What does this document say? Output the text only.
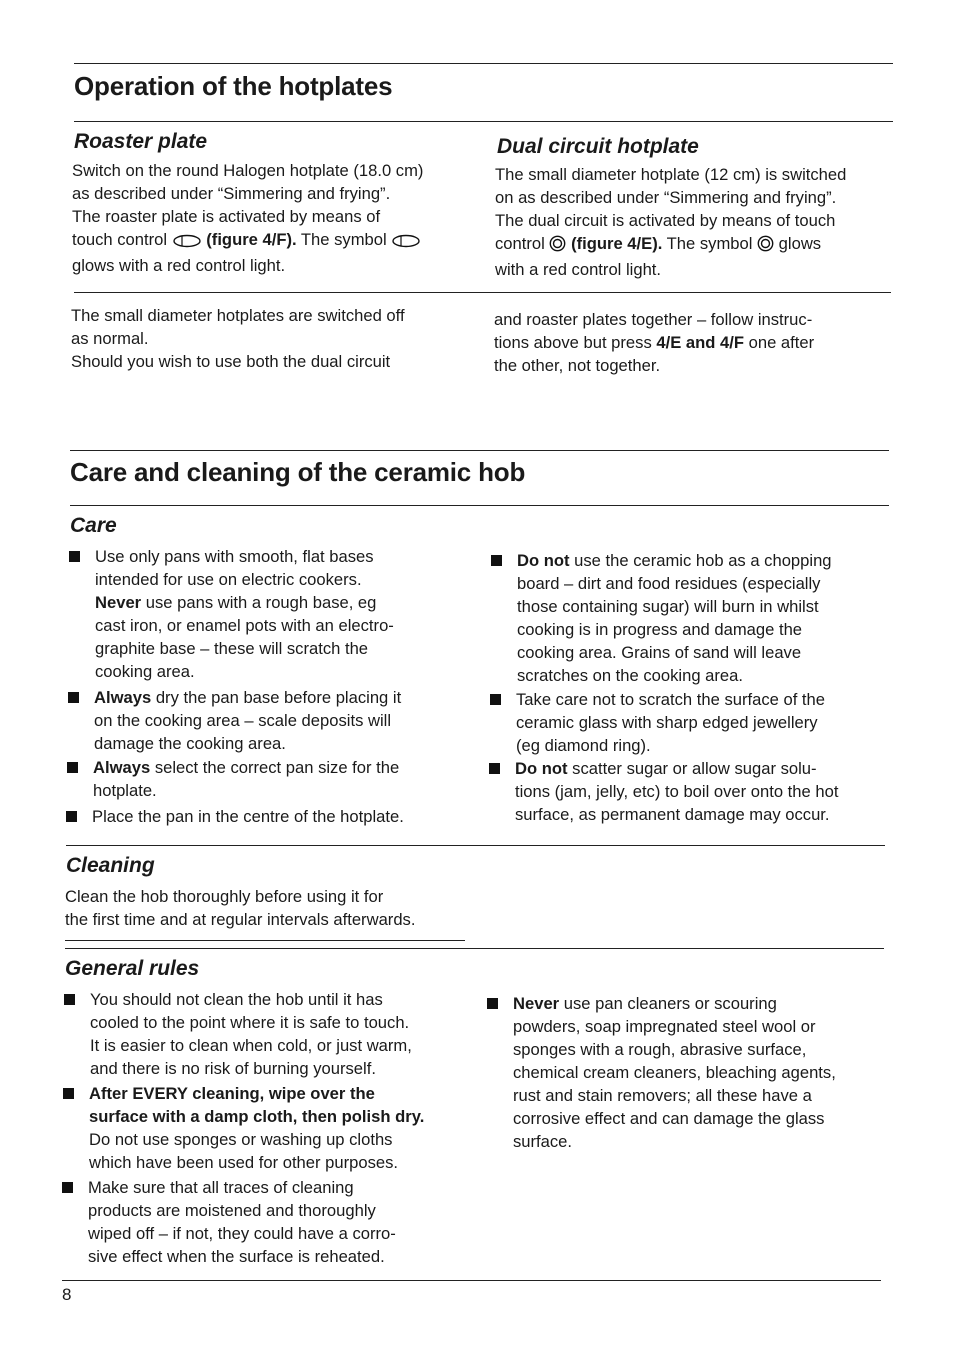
Operation of the hotplates
Roaster plate
Switch on the round Halogen hotplate (18.0 cm)
as described under “Simmering and frying”.
The roaster plate is activated by means of
touch control (figure 4/F). The symbol
glows with a red control light.
Dual circuit hotplate
The small diameter hotplate (12 cm) is switched
on as described under “Simmering and frying”.
The dual circuit is activated by means of touch
control (figure 4/E). The symbol glows
with a red control light.
The small diameter hotplates are switched off
as normal.
Should you wish to use both the dual circuit
and roaster plates together – follow instruc-
tions above but press 4/E and 4/F one after
the other, not together.
Care and cleaning of the ceramic hob
Care
Use only pans with smooth, flat bases
intended for use on electric cookers.
Never use pans with a rough base, eg
cast iron, or enamel pots with an electro-
graphite base – these will scratch the
cooking area.
Always dry the pan base before placing it
on the cooking area – scale deposits will
damage the cooking area.
Always select the correct pan size for the
hotplate.
Place the pan in the centre of the hotplate.
Do not use the ceramic hob as a chopping
board – dirt and food residues (especially
those containing sugar) will burn in whilst
cooking is in progress and damage the
cooking area. Grains of sand will leave
scratches on the cooking area.
Take care not to scratch the surface of the
ceramic glass with sharp edged jewellery
(eg diamond ring).
Do not scatter sugar or allow sugar solu-
tions (jam, jelly, etc) to boil over onto the hot
surface, as permanent damage may occur.
Cleaning
Clean the hob thoroughly before using it for
the first time and at regular intervals afterwards.
General rules
You should not clean the hob until it has
cooled to the point where it is safe to touch.
It is easier to clean when cold, or just warm,
and there is no risk of burning yourself.
After EVERY cleaning, wipe over the
surface with a damp cloth, then polish dry.
Do not use sponges or washing up cloths
which have been used for other purposes.
Make sure that all traces of cleaning
products are moistened and thoroughly
wiped off – if not, they could have a corro-
sive effect when the surface is reheated.
Never use pan cleaners or scouring
powders, soap impregnated steel wool or
sponges with a rough, abrasive surface,
chemical cream cleaners, bleaching agents,
rust and stain removers; all these have a
corrosive effect and can damage the glass
surface.
8
